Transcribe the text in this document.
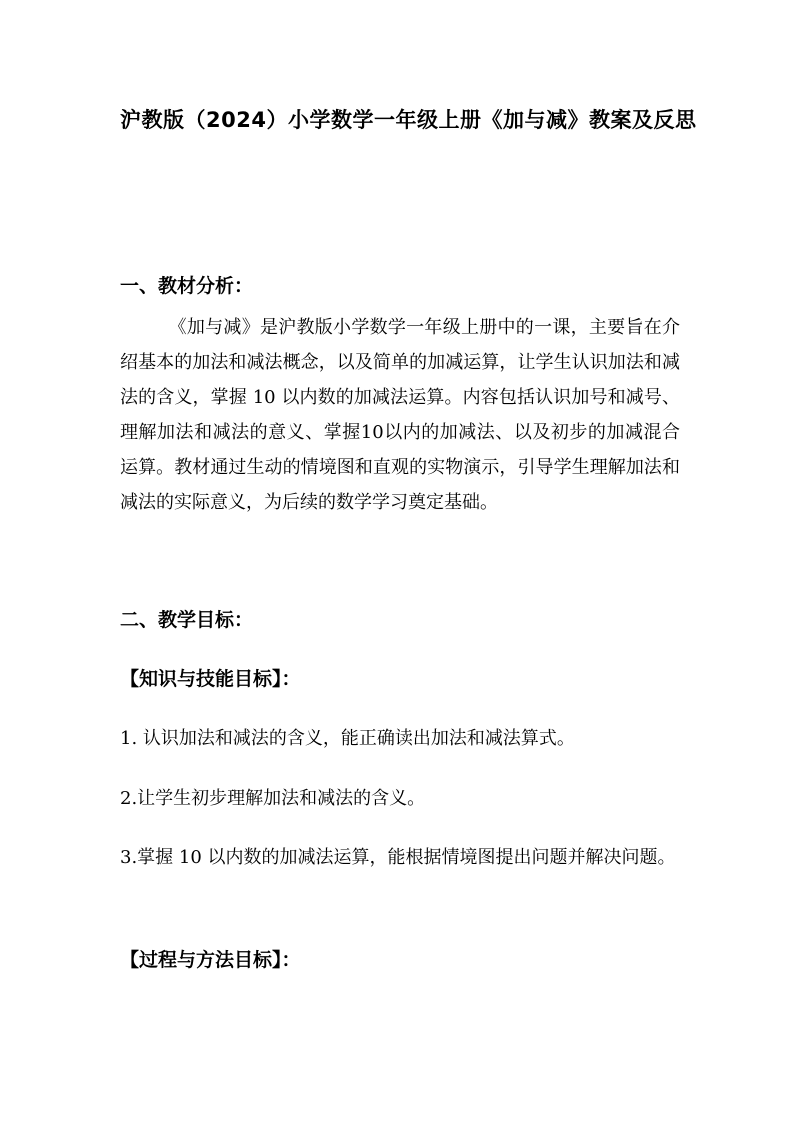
沪教版（2024）小学数学一年级上册《加与减》教案及反思
一、教材分析：

《加与减》是沪教版小学数学一年级上册中的一课，主要旨在介绍基本的加法和减法概念，以及简单的加减运算，让学生认识加法和减法的含义，掌握 10 以内数的加减法运算。内容包括认识加号和减号、理解加法和减法的意义、掌握10以内的加减法、以及初步的加减混合运算。教材通过生动的情境图和直观的实物演示，引导学生理解加法和减法的实际意义，为后续的数学学习奠定基础。

二、教学目标：
【知识与技能目标】：

1. 认识加法和减法的含义，能正确读出加法和减法算式。

2.让学生初步理解加法和减法的含义。

3.掌握 10 以内数的加减法运算，能根据情境图提出问题并解决问题。

【过程与方法目标】：
